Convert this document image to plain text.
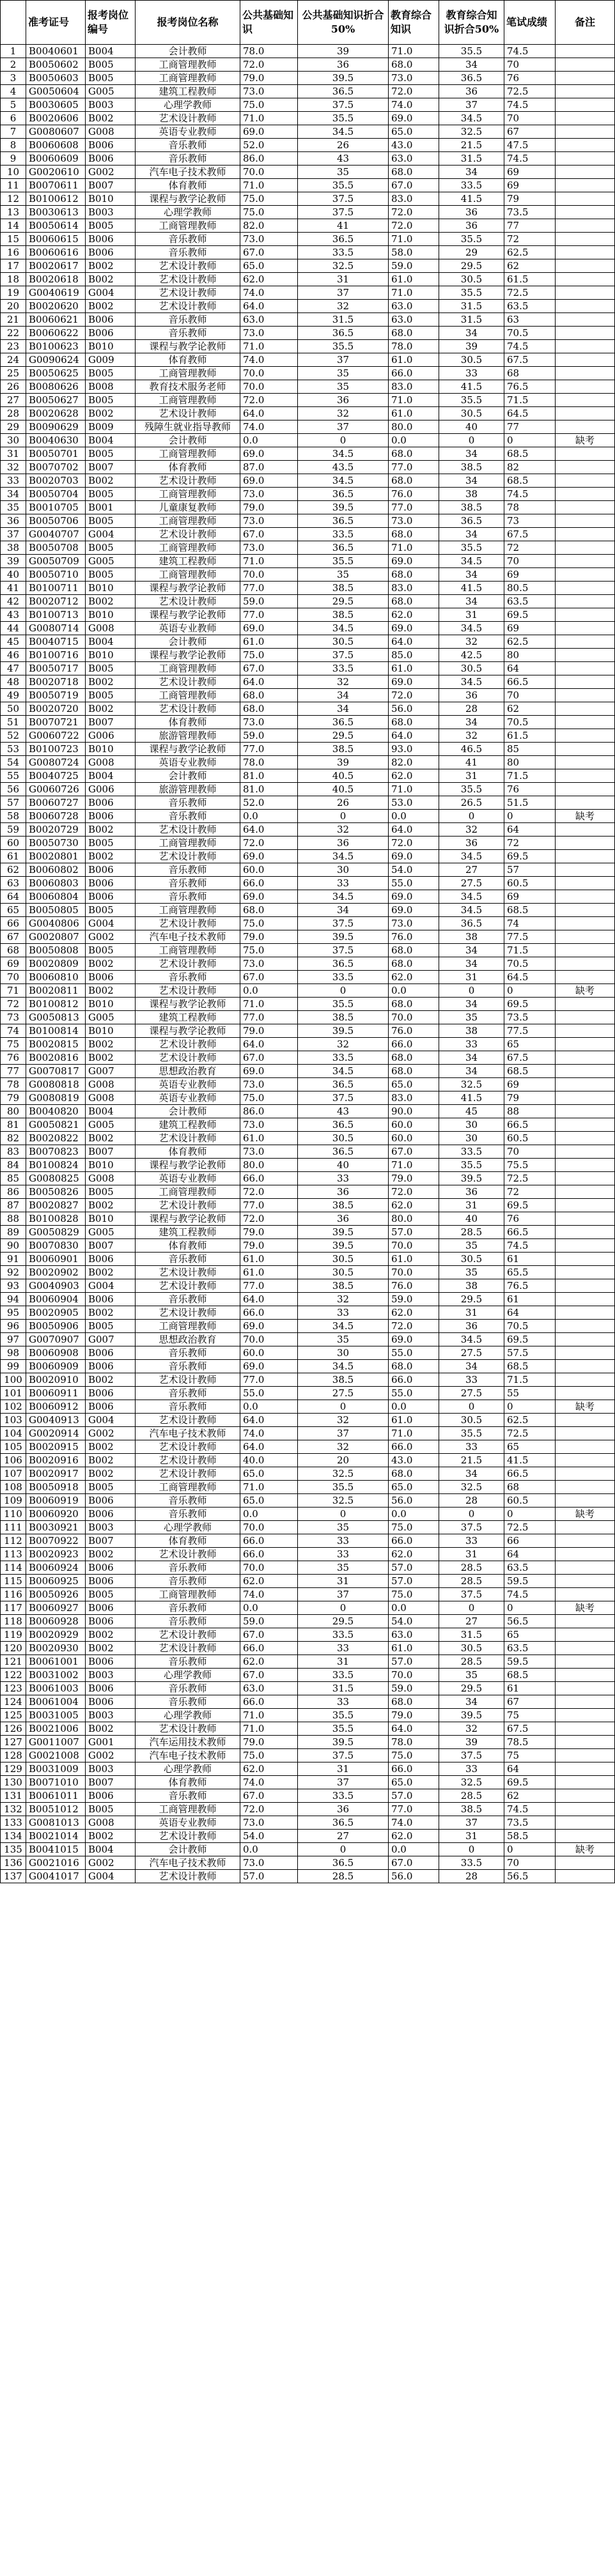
	准考证号	报考岗位编号	报考岗位名称	公共基础知识	公共基础知识折合50%	教育综合知识	教育综合知识折合50%	笔试成绩	备注
1	B0040601	B004	会计教师	78.0	39	71.0	35.5	74.5	
2	B0050602	B005	工商管理教师	72.0	36	68.0	34	70	
3	B0050603	B005	工商管理教师	79.0	39.5	73.0	36.5	76	
4	G0050604	G005	建筑工程教师	73.0	36.5	72.0	36	72.5	
5	B0030605	B003	心理学教师	75.0	37.5	74.0	37	74.5	
6	B0020606	B002	艺术设计教师	71.0	35.5	69.0	34.5	70	
7	G0080607	G008	英语专业教师	69.0	34.5	65.0	32.5	67	
8	B0060608	B006	音乐教师	52.0	26	43.0	21.5	47.5	
9	B0060609	B006	音乐教师	86.0	43	63.0	31.5	74.5	
10	G0020610	G002	汽车电子技术教师	70.0	35	68.0	34	69	
11	B0070611	B007	体育教师	71.0	35.5	67.0	33.5	69	
12	B0100612	B010	课程与教学论教师	75.0	37.5	83.0	41.5	79	
13	B0030613	B003	心理学教师	75.0	37.5	72.0	36	73.5	
14	B0050614	B005	工商管理教师	82.0	41	72.0	36	77	
15	B0060615	B006	音乐教师	73.0	36.5	71.0	35.5	72	
16	B0060616	B006	音乐教师	67.0	33.5	58.0	29	62.5	
17	B0020617	B002	艺术设计教师	65.0	32.5	59.0	29.5	62	
18	B0020618	B002	艺术设计教师	62.0	31	61.0	30.5	61.5	
19	G0040619	G004	艺术设计教师	74.0	37	71.0	35.5	72.5	
20	B0020620	B002	艺术设计教师	64.0	32	63.0	31.5	63.5	
21	B0060621	B006	音乐教师	63.0	31.5	63.0	31.5	63	
22	B0060622	B006	音乐教师	73.0	36.5	68.0	34	70.5	
23	B0100623	B010	课程与教学论教师	71.0	35.5	78.0	39	74.5	
24	G0090624	G009	体育教师	74.0	37	61.0	30.5	67.5	
25	B0050625	B005	工商管理教师	70.0	35	66.0	33	68	
26	B0080626	B008	教育技术服务老师	70.0	35	83.0	41.5	76.5	
27	B0050627	B005	工商管理教师	72.0	36	71.0	35.5	71.5	
28	B0020628	B002	艺术设计教师	64.0	32	61.0	30.5	64.5	
29	B0090629	B009	残障生就业指导教师	74.0	37	80.0	40	77	
30	B0040630	B004	会计教师	0.0	0	0.0	0	0	缺考
31	B0050701	B005	工商管理教师	69.0	34.5	68.0	34	68.5	
32	B0070702	B007	体育教师	87.0	43.5	77.0	38.5	82	
33	B0020703	B002	艺术设计教师	69.0	34.5	68.0	34	68.5	
34	B0050704	B005	工商管理教师	73.0	36.5	76.0	38	74.5	
35	B0010705	B001	儿童康复教师	79.0	39.5	77.0	38.5	78	
36	B0050706	B005	工商管理教师	73.0	36.5	73.0	36.5	73	
37	G0040707	G004	艺术设计教师	67.0	33.5	68.0	34	67.5	
38	B0050708	B005	工商管理教师	73.0	36.5	71.0	35.5	72	
39	G0050709	G005	建筑工程教师	71.0	35.5	69.0	34.5	70	
40	B0050710	B005	工商管理教师	70.0	35	68.0	34	69	
41	B0100711	B010	课程与教学论教师	77.0	38.5	83.0	41.5	80.5	
42	B0020712	B002	艺术设计教师	59.0	29.5	68.0	34	63.5	
43	B0100713	B010	课程与教学论教师	77.0	38.5	62.0	31	69.5	
44	G0080714	G008	英语专业教师	69.0	34.5	69.0	34.5	69	
45	B0040715	B004	会计教师	61.0	30.5	64.0	32	62.5	
46	B0100716	B010	课程与教学论教师	75.0	37.5	85.0	42.5	80	
47	B0050717	B005	工商管理教师	67.0	33.5	61.0	30.5	64	
48	B0020718	B002	艺术设计教师	64.0	32	69.0	34.5	66.5	
49	B0050719	B005	工商管理教师	68.0	34	72.0	36	70	
50	B0020720	B002	艺术设计教师	68.0	34	56.0	28	62	
51	B0070721	B007	体育教师	73.0	36.5	68.0	34	70.5	
52	G0060722	G006	旅游管理教师	59.0	29.5	64.0	32	61.5	
53	B0100723	B010	课程与教学论教师	77.0	38.5	93.0	46.5	85	
54	G0080724	G008	英语专业教师	78.0	39	82.0	41	80	
55	B0040725	B004	会计教师	81.0	40.5	62.0	31	71.5	
56	G0060726	G006	旅游管理教师	81.0	40.5	71.0	35.5	76	
57	B0060727	B006	音乐教师	52.0	26	53.0	26.5	51.5	
58	B0060728	B006	音乐教师	0.0	0	0.0	0	0	缺考
59	B0020729	B002	艺术设计教师	64.0	32	64.0	32	64	
60	B0050730	B005	工商管理教师	72.0	36	72.0	36	72	
61	B0020801	B002	艺术设计教师	69.0	34.5	69.0	34.5	69.5	
62	B0060802	B006	音乐教师	60.0	30	54.0	27	57	
63	B0060803	B006	音乐教师	66.0	33	55.0	27.5	60.5	
64	B0060804	B006	音乐教师	69.0	34.5	69.0	34.5	69	
65	B0050805	B005	工商管理教师	68.0	34	69.0	34.5	68.5	
66	G0040806	G004	艺术设计教师	75.0	37.5	73.0	36.5	74	
67	G0020807	G002	汽车电子技术教师	79.0	39.5	76.0	38	77.5	
68	B0050808	B005	工商管理教师	75.0	37.5	68.0	34	71.5	
69	B0020809	B002	艺术设计教师	73.0	36.5	68.0	34	70.5	
70	B0060810	B006	音乐教师	67.0	33.5	62.0	31	64.5	
71	B0020811	B002	艺术设计教师	0.0	0	0.0	0	0	缺考
72	B0100812	B010	课程与教学论教师	71.0	35.5	68.0	34	69.5	
73	G0050813	G005	建筑工程教师	77.0	38.5	70.0	35	73.5	
74	B0100814	B010	课程与教学论教师	79.0	39.5	76.0	38	77.5	
75	B0020815	B002	艺术设计教师	64.0	32	66.0	33	65	
76	B0020816	B002	艺术设计教师	67.0	33.5	68.0	34	67.5	
77	G0070817	G007	思想政治教育	69.0	34.5	68.0	34	68.5	
78	G0080818	G008	英语专业教师	73.0	36.5	65.0	32.5	69	
79	G0080819	G008	英语专业教师	75.0	37.5	83.0	41.5	79	
80	B0040820	B004	会计教师	86.0	43	90.0	45	88	
81	G0050821	G005	建筑工程教师	73.0	36.5	60.0	30	66.5	
82	B0020822	B002	艺术设计教师	61.0	30.5	60.0	30	60.5	
83	B0070823	B007	体育教师	73.0	36.5	67.0	33.5	70	
84	B0100824	B010	课程与教学论教师	80.0	40	71.0	35.5	75.5	
85	G0080825	G008	英语专业教师	66.0	33	79.0	39.5	72.5	
86	B0050826	B005	工商管理教师	72.0	36	72.0	36	72	
87	B0020827	B002	艺术设计教师	77.0	38.5	62.0	31	69.5	
88	B0100828	B010	课程与教学论教师	72.0	36	80.0	40	76	
89	G0050829	G005	建筑工程教师	79.0	39.5	57.0	28.5	66.5	
90	B0070830	B007	体育教师	79.0	39.5	70.0	35	74.5	
91	B0060901	B006	音乐教师	61.0	30.5	61.0	30.5	61	
92	B0020902	B002	艺术设计教师	61.0	30.5	70.0	35	65.5	
93	G0040903	G004	艺术设计教师	77.0	38.5	76.0	38	76.5	
94	B0060904	B006	音乐教师	64.0	32	59.0	29.5	61	
95	B0020905	B002	艺术设计教师	66.0	33	62.0	31	64	
96	B0050906	B005	工商管理教师	69.0	34.5	72.0	36	70.5	
97	G0070907	G007	思想政治教育	70.0	35	69.0	34.5	69.5	
98	B0060908	B006	音乐教师	60.0	30	55.0	27.5	57.5	
99	B0060909	B006	音乐教师	69.0	34.5	68.0	34	68.5	
100	B0020910	B002	艺术设计教师	77.0	38.5	66.0	33	71.5	
101	B0060911	B006	音乐教师	55.0	27.5	55.0	27.5	55	
102	B0060912	B006	音乐教师	0.0	0	0.0	0	0	缺考
103	G0040913	G004	艺术设计教师	64.0	32	61.0	30.5	62.5	
104	G0020914	G002	汽车电子技术教师	74.0	37	71.0	35.5	72.5	
105	B0020915	B002	艺术设计教师	64.0	32	66.0	33	65	
106	B0020916	B002	艺术设计教师	40.0	20	43.0	21.5	41.5	
107	B0020917	B002	艺术设计教师	65.0	32.5	68.0	34	66.5	
108	B0050918	B005	工商管理教师	71.0	35.5	65.0	32.5	68	
109	B0060919	B006	音乐教师	65.0	32.5	56.0	28	60.5	
110	B0060920	B006	音乐教师	0.0	0	0.0	0	0	缺考
111	B0030921	B003	心理学教师	70.0	35	75.0	37.5	72.5	
112	B0070922	B007	体育教师	66.0	33	66.0	33	66	
113	B0020923	B002	艺术设计教师	66.0	33	62.0	31	64	
114	B0060924	B006	音乐教师	70.0	35	57.0	28.5	63.5	
115	B0060925	B006	音乐教师	62.0	31	57.0	28.5	59.5	
116	B0050926	B005	工商管理教师	74.0	37	75.0	37.5	74.5	
117	B0060927	B006	音乐教师	0.0	0	0.0	0	0	缺考
118	B0060928	B006	音乐教师	59.0	29.5	54.0	27	56.5	
119	B0020929	B002	艺术设计教师	67.0	33.5	63.0	31.5	65	
120	B0020930	B002	艺术设计教师	66.0	33	61.0	30.5	63.5	
121	B0061001	B006	音乐教师	62.0	31	57.0	28.5	59.5	
122	B0031002	B003	心理学教师	67.0	33.5	70.0	35	68.5	
123	B0061003	B006	音乐教师	63.0	31.5	59.0	29.5	61	
124	B0061004	B006	音乐教师	66.0	33	68.0	34	67	
125	B0031005	B003	心理学教师	71.0	35.5	79.0	39.5	75	
126	B0021006	B002	艺术设计教师	71.0	35.5	64.0	32	67.5	
127	G0011007	G001	汽车运用技术教师	79.0	39.5	78.0	39	78.5	
128	G0021008	G002	汽车电子技术教师	75.0	37.5	75.0	37.5	75	
129	B0031009	B003	心理学教师	62.0	31	66.0	33	64	
130	B0071010	B007	体育教师	74.0	37	65.0	32.5	69.5	
131	B0061011	B006	音乐教师	67.0	33.5	57.0	28.5	62	
132	B0051012	B005	工商管理教师	72.0	36	77.0	38.5	74.5	
133	G0081013	G008	英语专业教师	73.0	36.5	74.0	37	73.5	
134	B0021014	B002	艺术设计教师	54.0	27	62.0	31	58.5	
135	B0041015	B004	会计教师	0.0	0	0.0	0	0	缺考
136	G0021016	G002	汽车电子技术教师	73.0	36.5	67.0	33.5	70	
137	G0041017	G004	艺术设计教师	57.0	28.5	56.0	28	56.5	
